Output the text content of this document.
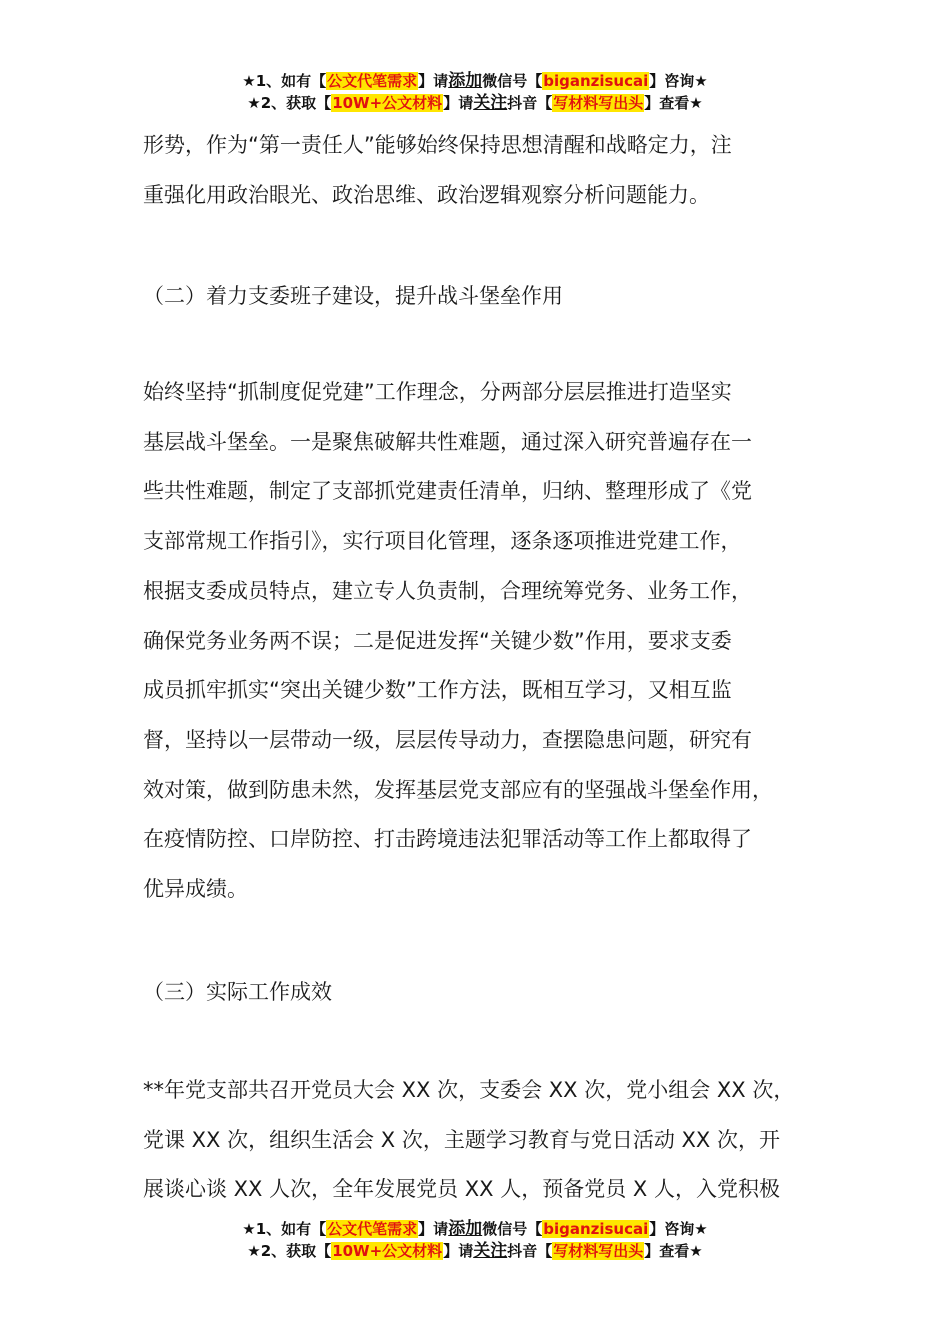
★1、如有【公文代笔需求】请添加微信号【biganzisucai】咨询★
★2、获取【10W+公文材料】请关注抖音【写材料写出头】查看★

形势，作为“第一责任人”能够始终保持思想清醒和战略定力，注

重强化用政治眼光、政治思维、政治逻辑观察分析问题能力。

（二）着力支委班子建设，提升战斗堡垒作用

始终坚持“抓制度促党建”工作理念，分两部分层层推进打造坚实

基层战斗堡垒。一是聚焦破解共性难题，通过深入研究普遍存在一

些共性难题，制定了支部抓党建责任清单，归纳、整理形成了《党

支部常规工作指引》，实行项目化管理，逐条逐项推进党建工作，

根据支委成员特点，建立专人负责制，合理统筹党务、业务工作，

确保党务业务两不误；二是促进发挥“关键少数”作用，要求支委

成员抓牢抓实“突出关键少数”工作方法，既相互学习，又相互监

督，坚持以一层带动一级，层层传导动力，查摆隐患问题，研究有

效对策，做到防患未然，发挥基层党支部应有的坚强战斗堡垒作用，

在疫情防控、口岸防控、打击跨境违法犯罪活动等工作上都取得了

优异成绩。

（三）实际工作成效

**年党支部共召开党员大会 XX 次，支委会 XX 次，党小组会 XX 次，

党课 XX 次，组织生活会 X 次，主题学习教育与党日活动 XX 次，开

展谈心谈 XX 人次，全年发展党员 XX 人，预备党员 X 人，入党积极

★1、如有【公文代笔需求】请添加微信号【biganzisucai】咨询★
★2、获取【10W+公文材料】请关注抖音【写材料写出头】查看★
